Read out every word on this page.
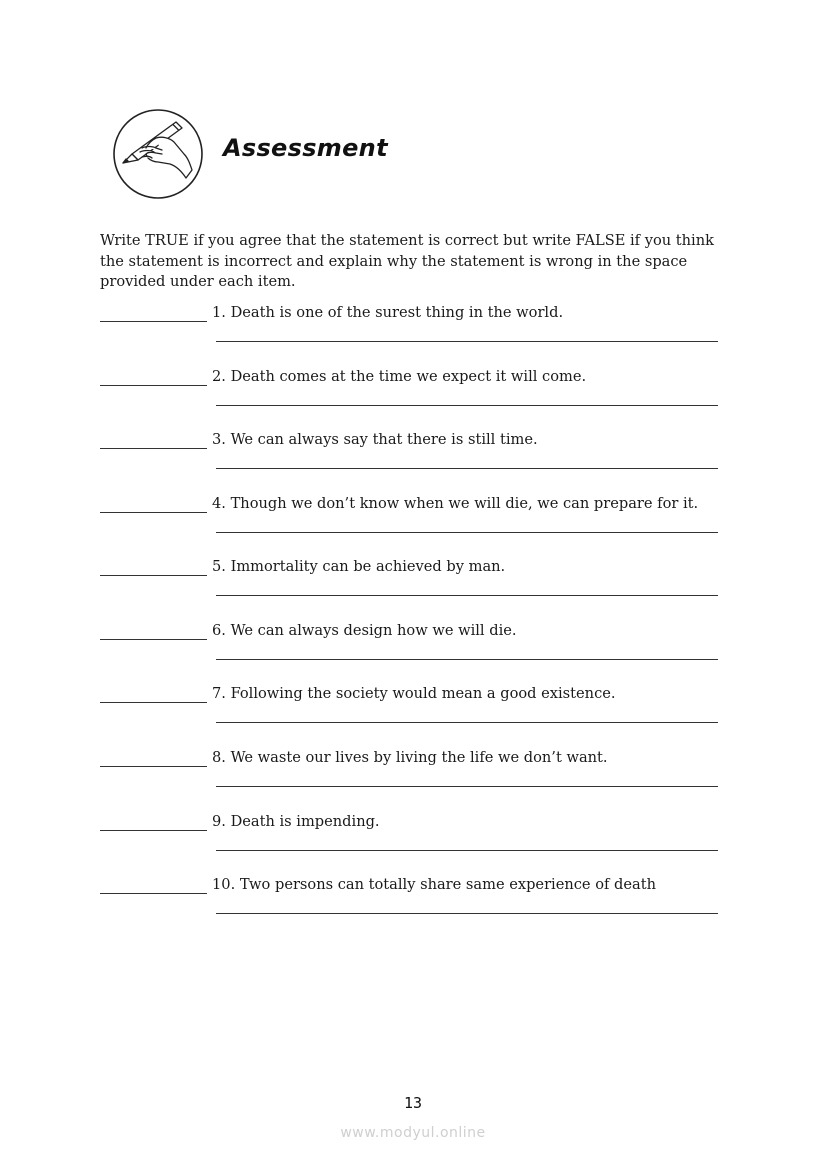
Assessment

Write TRUE if you agree that the statement is correct but write FALSE if you think the statement is incorrect and explain why the statement is wrong in the space provided under each item.

1. Death is one of the surest thing in the world.
2. Death comes at the time we expect it will come.
3. We can always say that there is still time.
4. Though we don’t know when we will die, we can prepare for it.
5. Immortality can be achieved by man.
6. We can always design how we will die.
7. Following the society would mean a good existence.
8. We waste our lives by living the life we don’t want.
9. Death is impending.
10. Two persons can totally share same experience of death
13
www.modyul.online
